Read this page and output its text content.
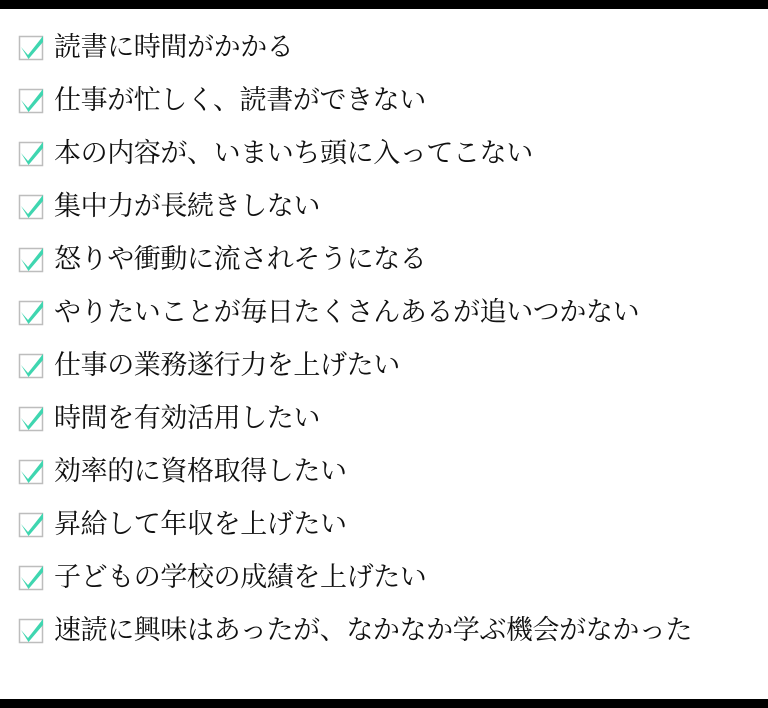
読書に時間がかかる
仕事が忙しく、読書ができない
本の内容が、いまいち頭に入ってこない
集中力が長続きしない
怒りや衝動に流されそうになる
やりたいことが毎日たくさんあるが追いつかない
仕事の業務遂行力を上げたい
時間を有効活用したい
効率的に資格取得したい
昇給して年収を上げたい
子どもの学校の成績を上げたい
速読に興味はあったが、なかなか学ぶ機会がなかった
